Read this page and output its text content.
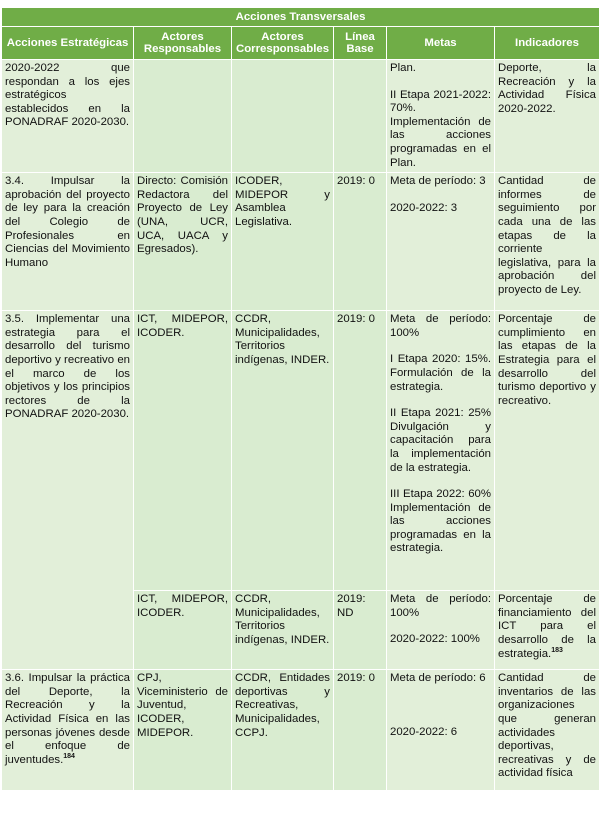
Acciones Transversales					
Acciones Estratégicas	Actores Responsables	Actores Corresponsables	Línea Base	Metas	Indicadores
2020-2022 que respondan a los ejes estratégicos establecidos en la PONADRAF 2020-2030.				Plan.

II Etapa 2021-2022: 70%.

Implementación de las acciones programadas en el Plan.	Deporte, la Recreación y la Actividad Física 2020-2022.
3.4. Impulsar la aprobación del proyecto de ley para la creación del Colegio de Profesionales en Ciencias del Movimiento Humano	Directo: Comisión Redactora del Proyecto de Ley (UNA, UCR, UCA, UACA y Egresados).	ICODER, MIDEPOR y Asamblea Legislativa.	2019: 0	Meta de período: 3

2020-2022: 3	Cantidad de informes de seguimiento por cada una de las etapas de la corriente legislativa, para la aprobación del proyecto de Ley.
3.5. Implementar una estrategia para el desarrollo del turismo deportivo y recreativo en el marco de los objetivos y los principios rectores de la PONADRAF 2020-2030.	ICT, MIDEPOR, ICODER.	CCDR, Municipalidades, Territorios indígenas, INDER.	2019: 0	Meta de período: 100%

I Etapa 2020: 15%. Formulación de la estrategia.

II Etapa 2021: 25% Divulgación y capacitación para la implementación de la estrategia.

III Etapa 2022: 60% Implementación de las acciones programadas en la estrategia.	Porcentaje de cumplimiento en las etapas de la Estrategia para el desarrollo del turismo deportivo y recreativo.
	ICT, MIDEPOR, ICODER.	CCDR, Municipalidades, Territorios indígenas, INDER.	2019: ND	Meta de período: 100%

2020-2022: 100%	Porcentaje de financiamiento del ICT para el desarrollo de la estrategia.$^{183}$
3.6. Impulsar la práctica del Deporte, la Recreación y la Actividad Física en las personas jóvenes desde el enfoque de juventudes.$^{184}$	CPJ, Viceministerio de Juventud, ICODER, MIDEPOR.	CCDR, Entidades deportivas y Recreativas, Municipalidades, CCPJ.	2019: 0	Meta de período: 6

2020-2022: 6	Cantidad de inventarios de las organizaciones que generan actividades deportivas, recreativas y de actividad física
